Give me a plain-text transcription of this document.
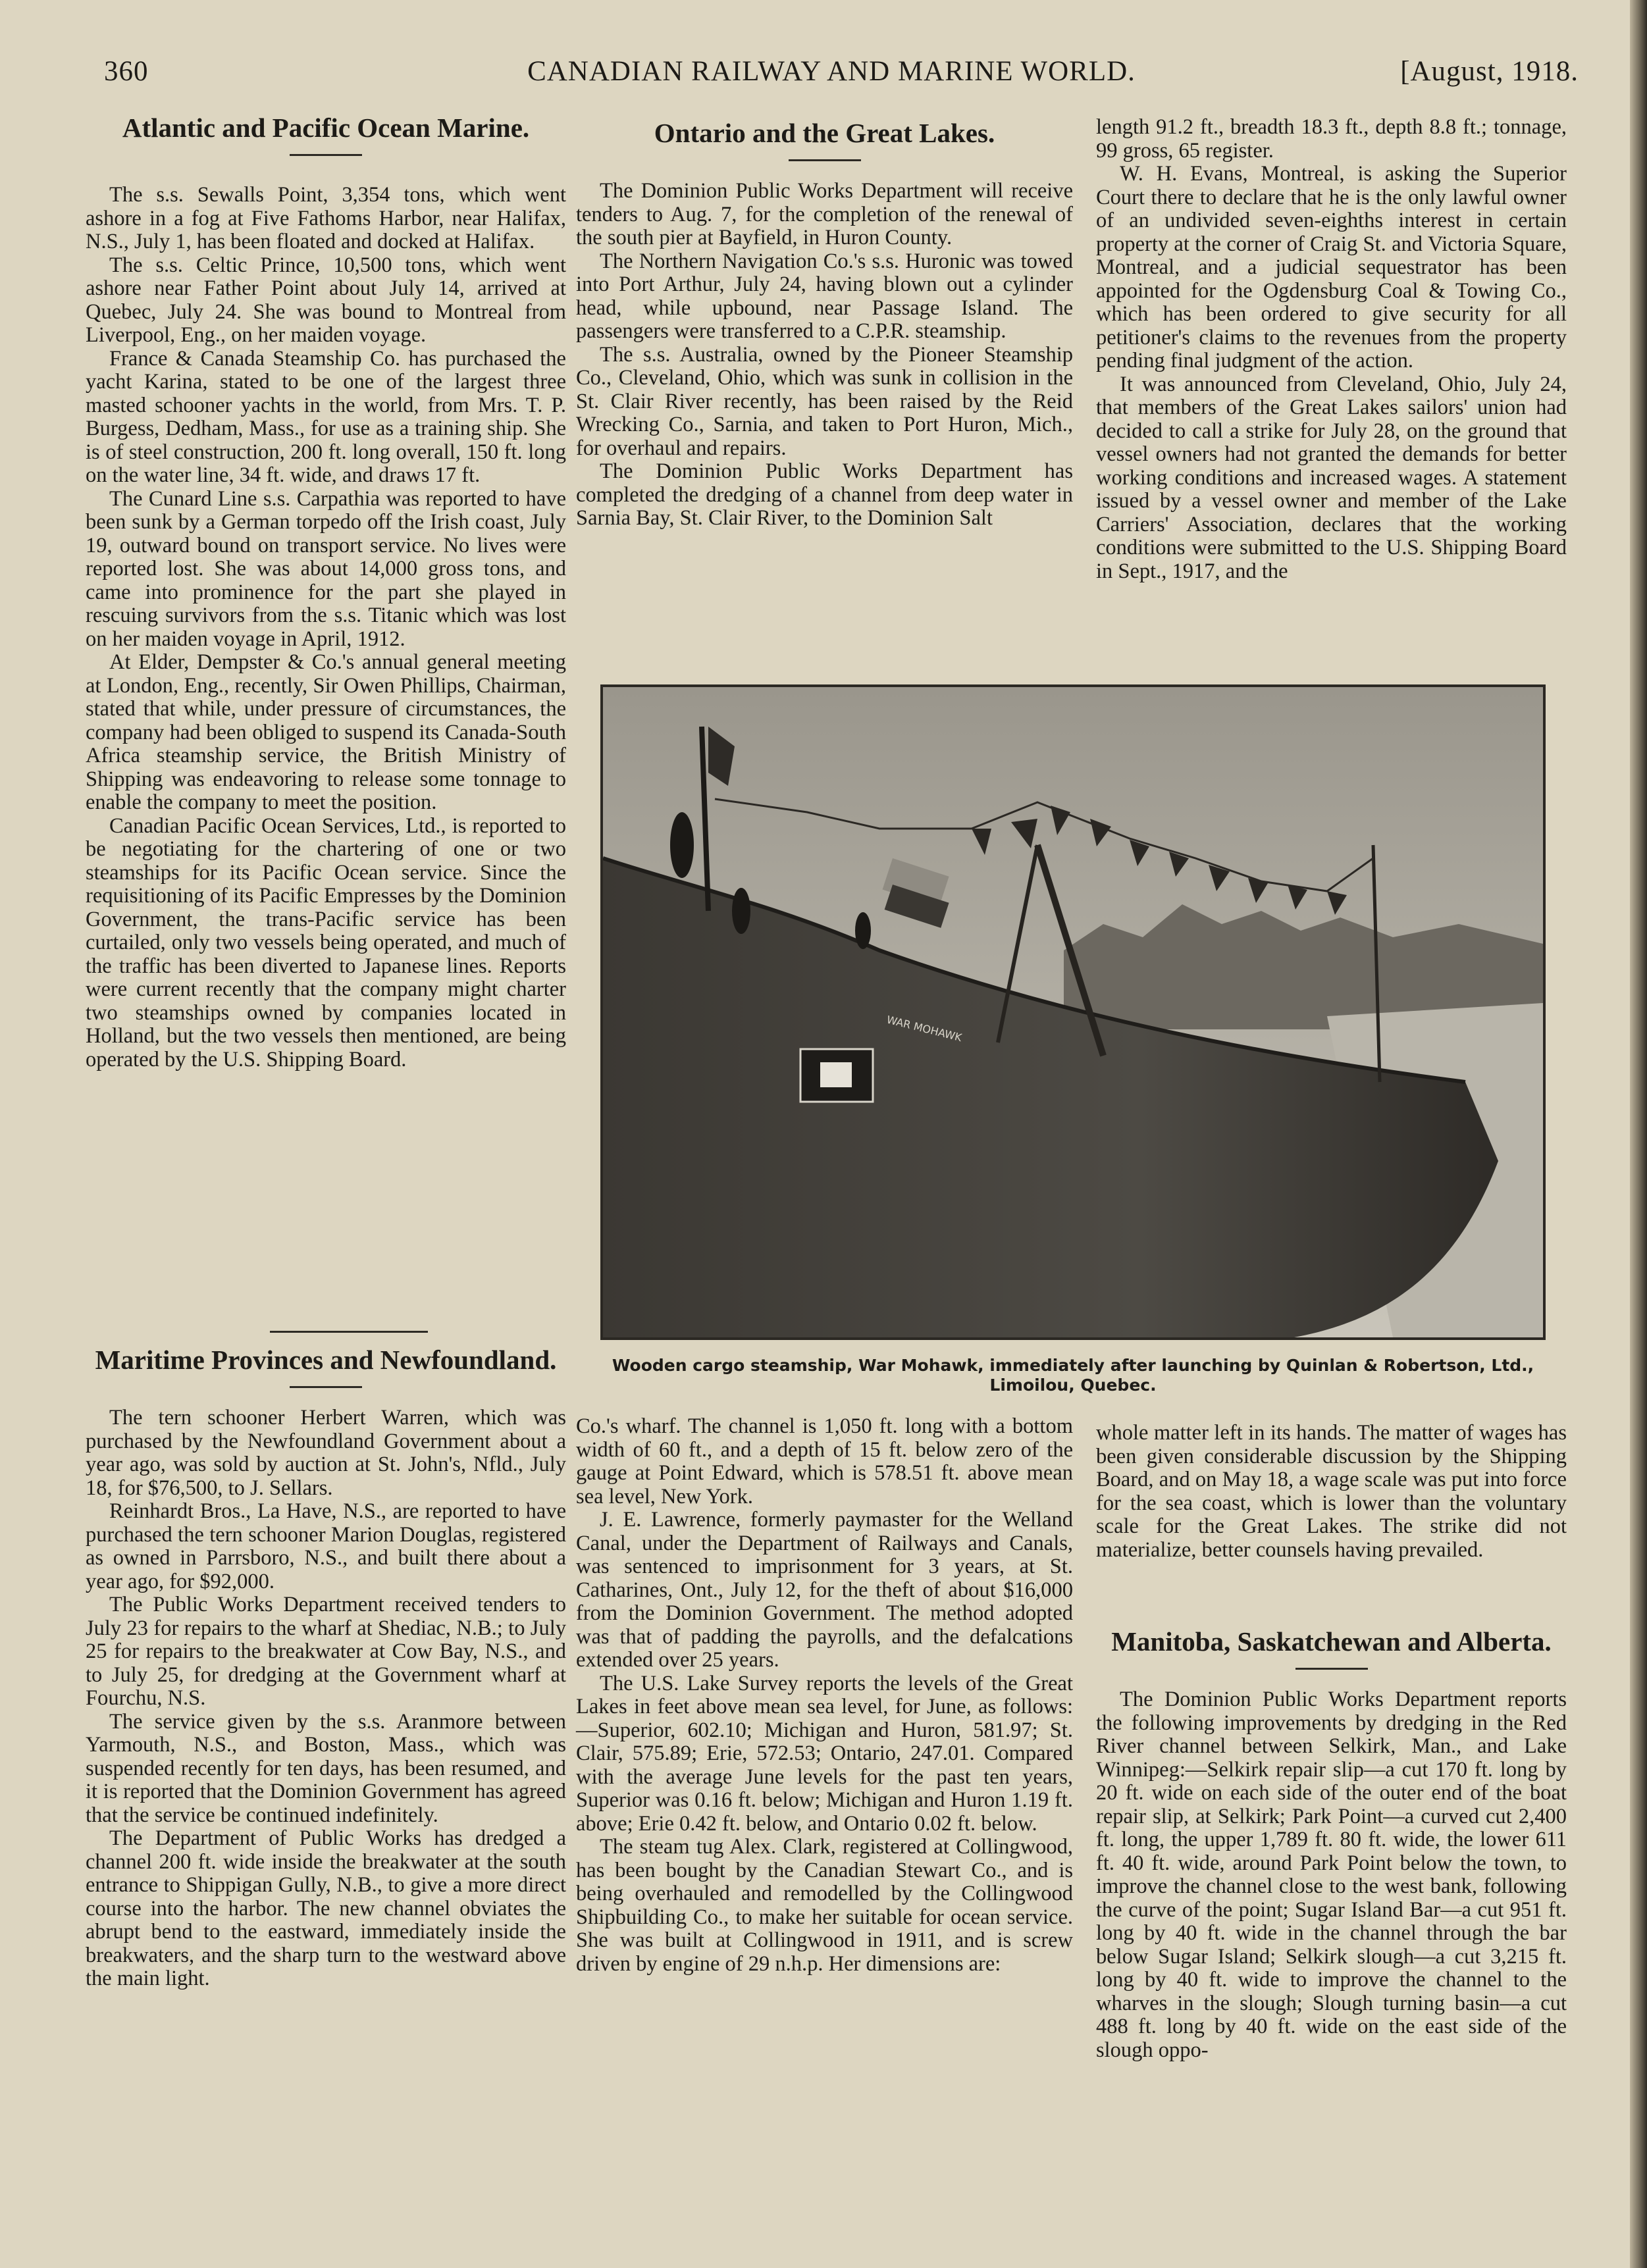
CANADIAN RAILWAY AND MARINE WORLD.
360	[August, 1918.
Atlantic and Pacific Ocean Marine.

The s.s. Sewalls Point, 3,354 tons, which went ashore in a fog at Five Fathoms Harbor, near Halifax, N.S., July 1, has been floated and docked at Halifax.

The s.s. Celtic Prince, 10,500 tons, which went ashore near Father Point about July 14, arrived at Quebec, July 24. She was bound to Montreal from Liverpool, Eng., on her maiden voyage.

France & Canada Steamship Co. has purchased the yacht Karina, stated to be one of the largest three masted schooner yachts in the world, from Mrs. T. P. Burgess, Dedham, Mass., for use as a training ship. She is of steel construction, 200 ft. long overall, 150 ft. long on the water line, 34 ft. wide, and draws 17 ft.

The Cunard Line s.s. Carpathia was reported to have been sunk by a German torpedo off the Irish coast, July 19, outward bound on transport service. No lives were reported lost. She was about 14,000 gross tons, and came into prominence for the part she played in rescuing survivors from the s.s. Titanic which was lost on her maiden voyage in April, 1912.

At Elder, Dempster & Co.'s annual general meeting at London, Eng., recently, Sir Owen Phillips, Chairman, stated that while, under pressure of circumstances, the company had been obliged to suspend its Canada-South Africa steamship service, the British Ministry of Shipping was endeavoring to release some tonnage to enable the company to meet the position.

Canadian Pacific Ocean Services, Ltd., is reported to be negotiating for the chartering of one or two steamships for its Pacific Ocean service. Since the requisitioning of its Pacific Empresses by the Dominion Government, the trans-Pacific service has been curtailed, only two vessels being operated, and much of the traffic has been diverted to Japanese lines. Reports were current recently that the company might charter two steamships owned by companies located in Holland, but the two vessels then mentioned, are being operated by the U.S. Shipping Board.

Maritime Provinces and Newfoundland.

The tern schooner Herbert Warren, which was purchased by the Newfoundland Government about a year ago, was sold by auction at St. John's, Nfld., July 18, for $76,500, to J. Sellars.

Reinhardt Bros., La Have, N.S., are reported to have purchased the tern schooner Marion Douglas, registered as owned in Parrsboro, N.S., and built there about a year ago, for $92,000.

The Public Works Department received tenders to July 23 for repairs to the wharf at Shediac, N.B.; to July 25 for repairs to the breakwater at Cow Bay, N.S., and to July 25, for dredging at the Government wharf at Fourchu, N.S.

The service given by the s.s. Aranmore between Yarmouth, N.S., and Boston, Mass., which was suspended recently for ten days, has been resumed, and it is reported that the Dominion Government has agreed that the service be continued indefinitely.

The Department of Public Works has dredged a channel 200 ft. wide inside the breakwater at the south entrance to Shippigan Gully, N.B., to give a more direct course into the harbor. The new channel obviates the abrupt bend to the eastward, immediately inside the breakwaters, and the sharp turn to the westward above the main light.

Ontario and the Great Lakes.

The Dominion Public Works Department will receive tenders to Aug. 7, for the completion of the renewal of the south pier at Bayfield, in Huron County.

The Northern Navigation Co.'s s.s. Huronic was towed into Port Arthur, July 24, having blown out a cylinder head, while upbound, near Passage Island. The passengers were transferred to a C.P.R. steamship.

The s.s. Australia, owned by the Pioneer Steamship Co., Cleveland, Ohio, which was sunk in collision in the St. Clair River recently, has been raised by the Reid Wrecking Co., Sarnia, and taken to Port Huron, Mich., for overhaul and repairs.

The Dominion Public Works Department has completed the dredging of a channel from deep water in Sarnia Bay, St. Clair River, to the Dominion Salt

length 91.2 ft., breadth 18.3 ft., depth 8.8 ft.; tonnage, 99 gross, 65 register.

W. H. Evans, Montreal, is asking the Superior Court there to declare that he is the only lawful owner of an undivided seven-eighths interest in certain property at the corner of Craig St. and Victoria Square, Montreal, and a judicial sequestrator has been appointed for the Ogdensburg Coal & Towing Co., which has been ordered to give security for all petitioner's claims to the revenues from the property pending final judgment of the action.

It was announced from Cleveland, Ohio, July 24, that members of the Great Lakes sailors' union had decided to call a strike for July 28, on the ground that vessel owners had not granted the demands for better working conditions and increased wages. A statement issued by a vessel owner and member of the Lake Carriers' Association, declares that the working conditions were submitted to the U.S. Shipping Board in Sept., 1917, and the

WAR MOHAWK
Wooden cargo steamship, War Mohawk, immediately after launching by Quinlan & Robertson, Ltd.,
Limoilou, Quebec.

Co.'s wharf. The channel is 1,050 ft. long with a bottom width of 60 ft., and a depth of 15 ft. below zero of the gauge at Point Edward, which is 578.51 ft. above mean sea level, New York.

J. E. Lawrence, formerly paymaster for the Welland Canal, under the Department of Railways and Canals, was sentenced to imprisonment for 3 years, at St. Catharines, Ont., July 12, for the theft of about $16,000 from the Dominion Government. The method adopted was that of padding the payrolls, and the defalcations extended over 25 years.

The U.S. Lake Survey reports the levels of the Great Lakes in feet above mean sea level, for June, as follows:—Superior, 602.10; Michigan and Huron, 581.97; St. Clair, 575.89; Erie, 572.53; Ontario, 247.01. Compared with the average June levels for the past ten years, Superior was 0.16 ft. below; Michigan and Huron 1.19 ft. above; Erie 0.42 ft. below, and Ontario 0.02 ft. below.

The steam tug Alex. Clark, registered at Collingwood, has been bought by the Canadian Stewart Co., and is being overhauled and remodelled by the Collingwood Shipbuilding Co., to make her suitable for ocean service. She was built at Collingwood in 1911, and is screw driven by engine of 29 n.h.p. Her dimensions are:

whole matter left in its hands. The matter of wages has been given considerable discussion by the Shipping Board, and on May 18, a wage scale was put into force for the sea coast, which is lower than the voluntary scale for the Great Lakes. The strike did not materialize, better counsels having prevailed.

Manitoba, Saskatchewan and Alberta.

The Dominion Public Works Department reports the following improvements by dredging in the Red River channel between Selkirk, Man., and Lake Winnipeg:—Selkirk repair slip—a cut 170 ft. long by 20 ft. wide on each side of the outer end of the boat repair slip, at Selkirk; Park Point—a curved cut 2,400 ft. long, the upper 1,789 ft. 80 ft. wide, the lower 611 ft. 40 ft. wide, around Park Point below the town, to improve the channel close to the west bank, following the curve of the point; Sugar Island Bar—a cut 951 ft. long by 40 ft. wide in the channel through the bar below Sugar Island; Selkirk slough—a cut 3,215 ft. long by 40 ft. wide to improve the channel to the wharves in the slough; Slough turning basin—a cut 488 ft. long by 40 ft. wide on the east side of the slough oppo-
